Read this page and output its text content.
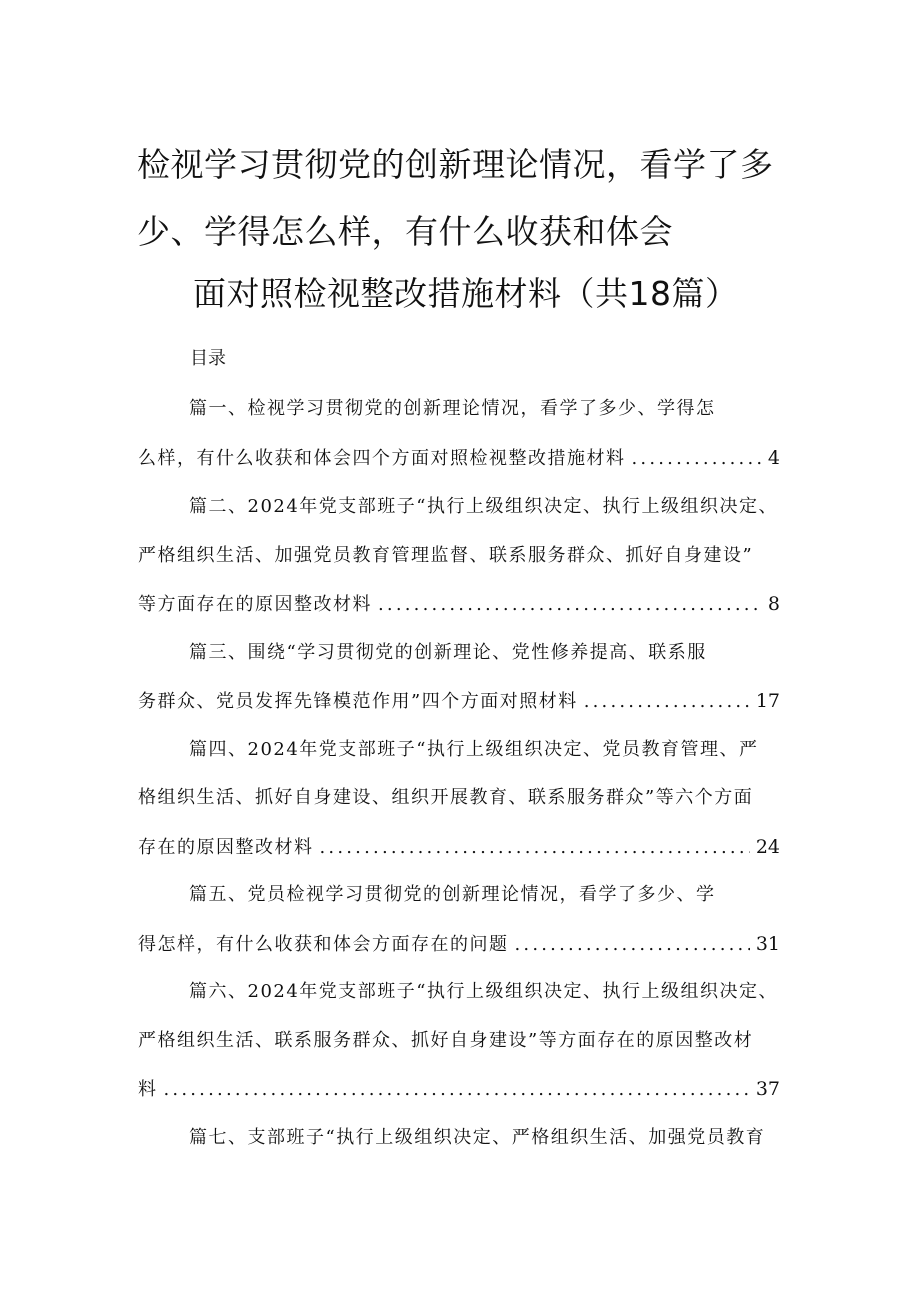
检视学习贯彻党的创新理论情况，看学了多
少、学得怎么样，有什么收获和体会
面对照检视整改措施材料（共18篇）
目录
篇一、检视学习贯彻党的创新理论情况，看学了多少、学得怎
么样，有什么收获和体会四个方面对照检视整改措施材料 .....	4
篇二、2024年党支部班子“执行上级组织决定、执行上级组织决定、
严格组织生活、加强党员教育管理监督、联系服务群众、抓好自身建设”
等方面存在的原因整改材料 .....	8
篇三、围绕“学习贯彻党的创新理论、党性修养提高、联系服
务群众、党员发挥先锋模范作用”四个方面对照材料 .....	17
篇四、2024年党支部班子“执行上级组织决定、党员教育管理、严
格组织生活、抓好自身建设、组织开展教育、联系服务群众”等六个方面
存在的原因整改材料 .....	24
篇五、党员检视学习贯彻党的创新理论情况，看学了多少、学
得怎样，有什么收获和体会方面存在的问题 .....	31
篇六、2024年党支部班子“执行上级组织决定、执行上级组织决定、
严格组织生活、联系服务群众、抓好自身建设”等方面存在的原因整改材
料 .....	37
篇七、支部班子“执行上级组织决定、严格组织生活、加强党员教育
